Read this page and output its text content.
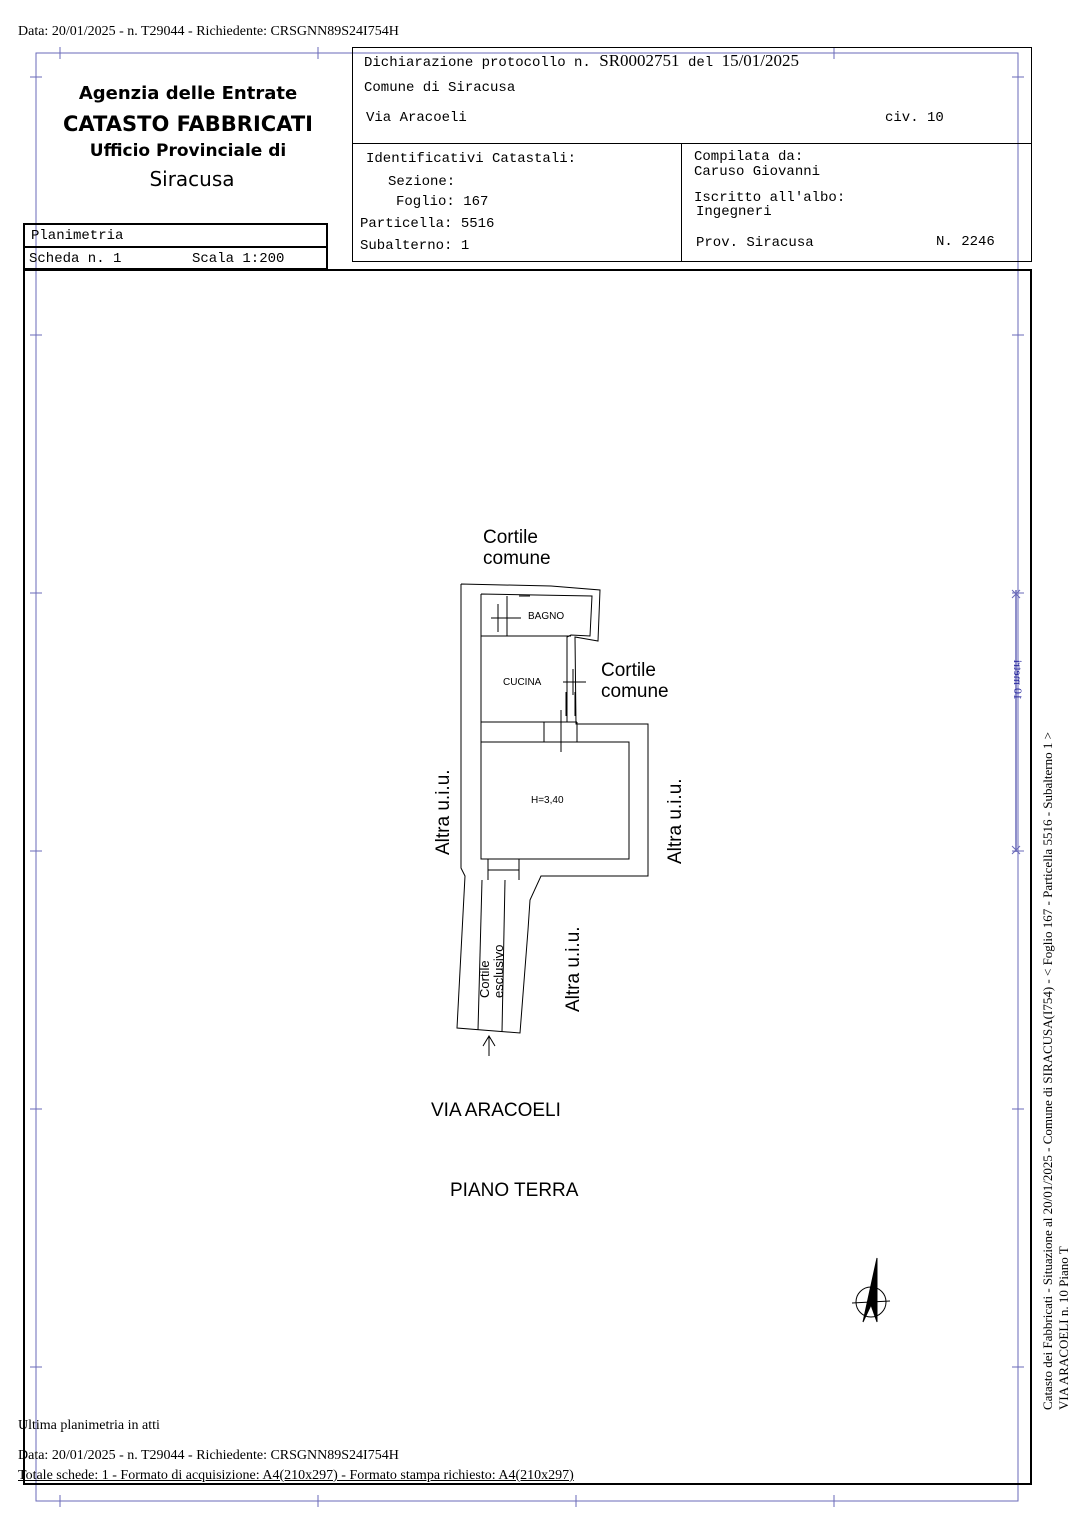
Data: 20/01/2025 - n. T29044 - Richiedente: CRSGNN89S24I754H
Agenzia delle Entrate
CATASTO FABBRICATI
Ufficio Provinciale di
Siracusa
Planimetria
Scheda n. 1	Scala 1:200
Dichiarazione protocollo n. SR0002751 del 15/01/2025
Comune di Siracusa
Via Aracoeli	civ. 10
Identificativi Catastali:
Sezione:
Foglio: 167
Particella: 5516
Subalterno: 1
Compilata da:
Caruso Giovanni
Iscritto all'albo:
Ingegneri
Prov. Siracusa	N. 2246
Cortile
comune
Cortile
comune
BAGNO
CUCINA
H=3,40
Altra u.i.u.	Altra u.i.u.
Altra u.i.u.
Cortile esclusivo
VIA ARACOELI
PIANO TERRA
10 metri
Catasto dei Fabbricati - Situazione al 20/01/2025 - Comune di SIRACUSA(I754) - < Foglio 167 - Particella 5516 - Subalterno 1 > VIA ARACOELI n. 10 Piano T
Ultima planimetria in atti
Data: 20/01/2025 - n. T29044 - Richiedente: CRSGNN89S24I754H
Totale schede: 1 - Formato di acquisizione: A4(210x297) - Formato stampa richiesto: A4(210x297)
